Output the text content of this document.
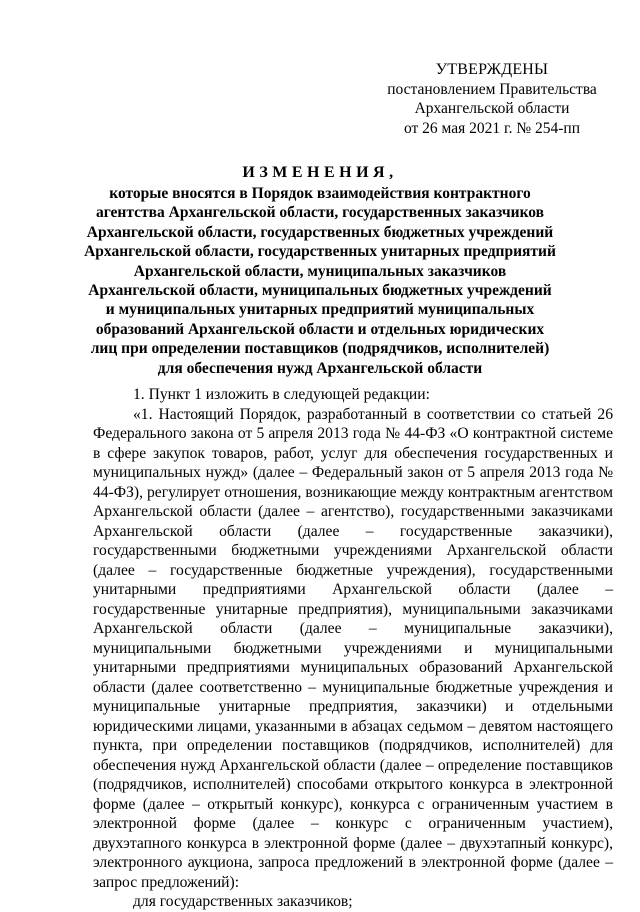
УТВЕРЖДЕНЫ
постановлением Правительства
Архангельской области
от 26 мая 2021 г. № 254-пп
ИЗМЕНЕНИЯ,
которые вносятся в Порядок взаимодействия контрактного агентства Архангельской области, государственных заказчиков Архангельской области, государственных бюджетных учреждений Архангельской области, государственных унитарных предприятий Архангельской области, муниципальных заказчиков Архангельской области, муниципальных бюджетных учреждений и муниципальных унитарных предприятий муниципальных образований Архангельской области и отдельных юридических лиц при определении поставщиков (подрядчиков, исполнителей) для обеспечения нужд Архангельской области

1. Пункт 1 изложить в следующей редакции:

«1. Настоящий Порядок, разработанный в соответствии со статьей 26 Федерального закона от 5 апреля 2013 года № 44-ФЗ «О контрактной системе в сфере закупок товаров, работ, услуг для обеспечения государственных и муниципальных нужд» (далее – Федеральный закон от 5 апреля 2013 года № 44-ФЗ), регулирует отношения, возникающие между контрактным агентством Архангельской области (далее – агентство), государственными заказчиками Архангельской области (далее – государственные заказчики), государственными бюджетными учреждениями Архангельской области (далее – государственные бюджетные учреждения), государственными унитарными предприятиями Архангельской области (далее – государственные унитарные предприятия), муниципальными заказчиками Архангельской области (далее – муниципальные заказчики), муниципальными бюджетными учреждениями и муниципальными унитарными предприятиями муниципальных образований Архангельской области (далее соответственно – муниципальные бюджетные учреждения и муниципальные унитарные предприятия, заказчики) и отдельными юридическими лицами, указанными в абзацах седьмом – девятом настоящего пункта, при определении поставщиков (подрядчиков, исполнителей) для обеспечения нужд Архангельской области (далее – определение поставщиков (подрядчиков, исполнителей) способами открытого конкурса в электронной форме (далее – открытый конкурс), конкурса с ограниченным участием в электронной форме (далее – конкурс с ограниченным участием), двухэтапного конкурса в электронной форме (далее – двухэтапный конкурс), электронного аукциона, запроса предложений в электронной форме (далее – запрос предложений):

для государственных заказчиков;
